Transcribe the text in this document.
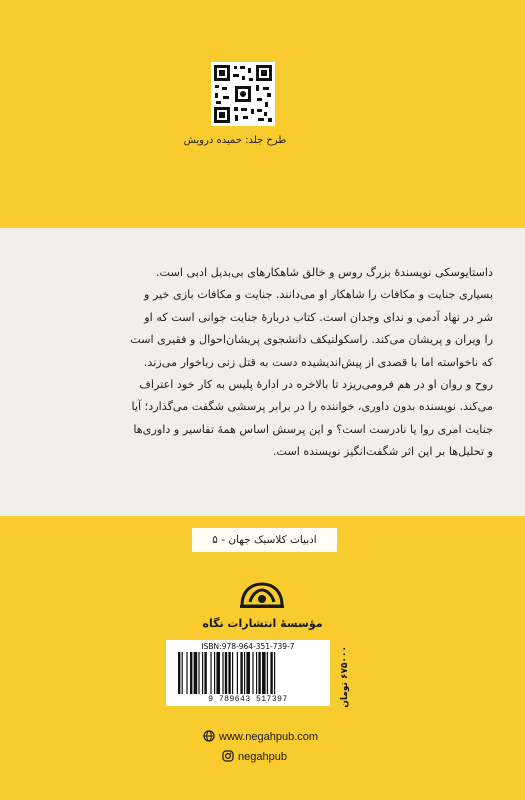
طرح جلد: حمیده درویش

داستایوسکی نویسندهٔ بزرگ روس و خالق شاهکارهای بی‌بدیل ادبی است.

بسیاری جنایت و مکافات را شاهکار او می‌دانند. جنایت و مکافات بازی خیر و

شر در نهاد آدمی و ندای وجدان است. کتاب دربارهٔ جنایت جوانی است که او

را ویران و پریشان می‌کند. راسکولنیکف دانشجوی پریشان‌احوال و فقیری است

که ناخواسته اما با قصدی از پیش‌اندیشیده دست به قتل زنی رباخوار می‌زند.

روح و روان او در هم فرومی‌ریزد تا بالاخره در ادارهٔ پلیس به کار خود اعتراف

می‌کند. نویسنده بدون داوری، خواننده را در برابر پرسشی شگفت می‌گذارد؛ آیا

جنایت امری روا یا نادرست است؟ و این پرسش اساس همهٔ تفاسیر و داوری‌ها

و تحلیل‌ها بر این اثر شگفت‌انگیز نویسنده است.

ادبیات کلاسیک جهان - ۵
مؤسسهٔ انتشارات نگاه
ISBN:978-964-351-739-7
9 789643 517397	۶۷۵۰۰۰ تومان
www.negahpub.com
negahpub
